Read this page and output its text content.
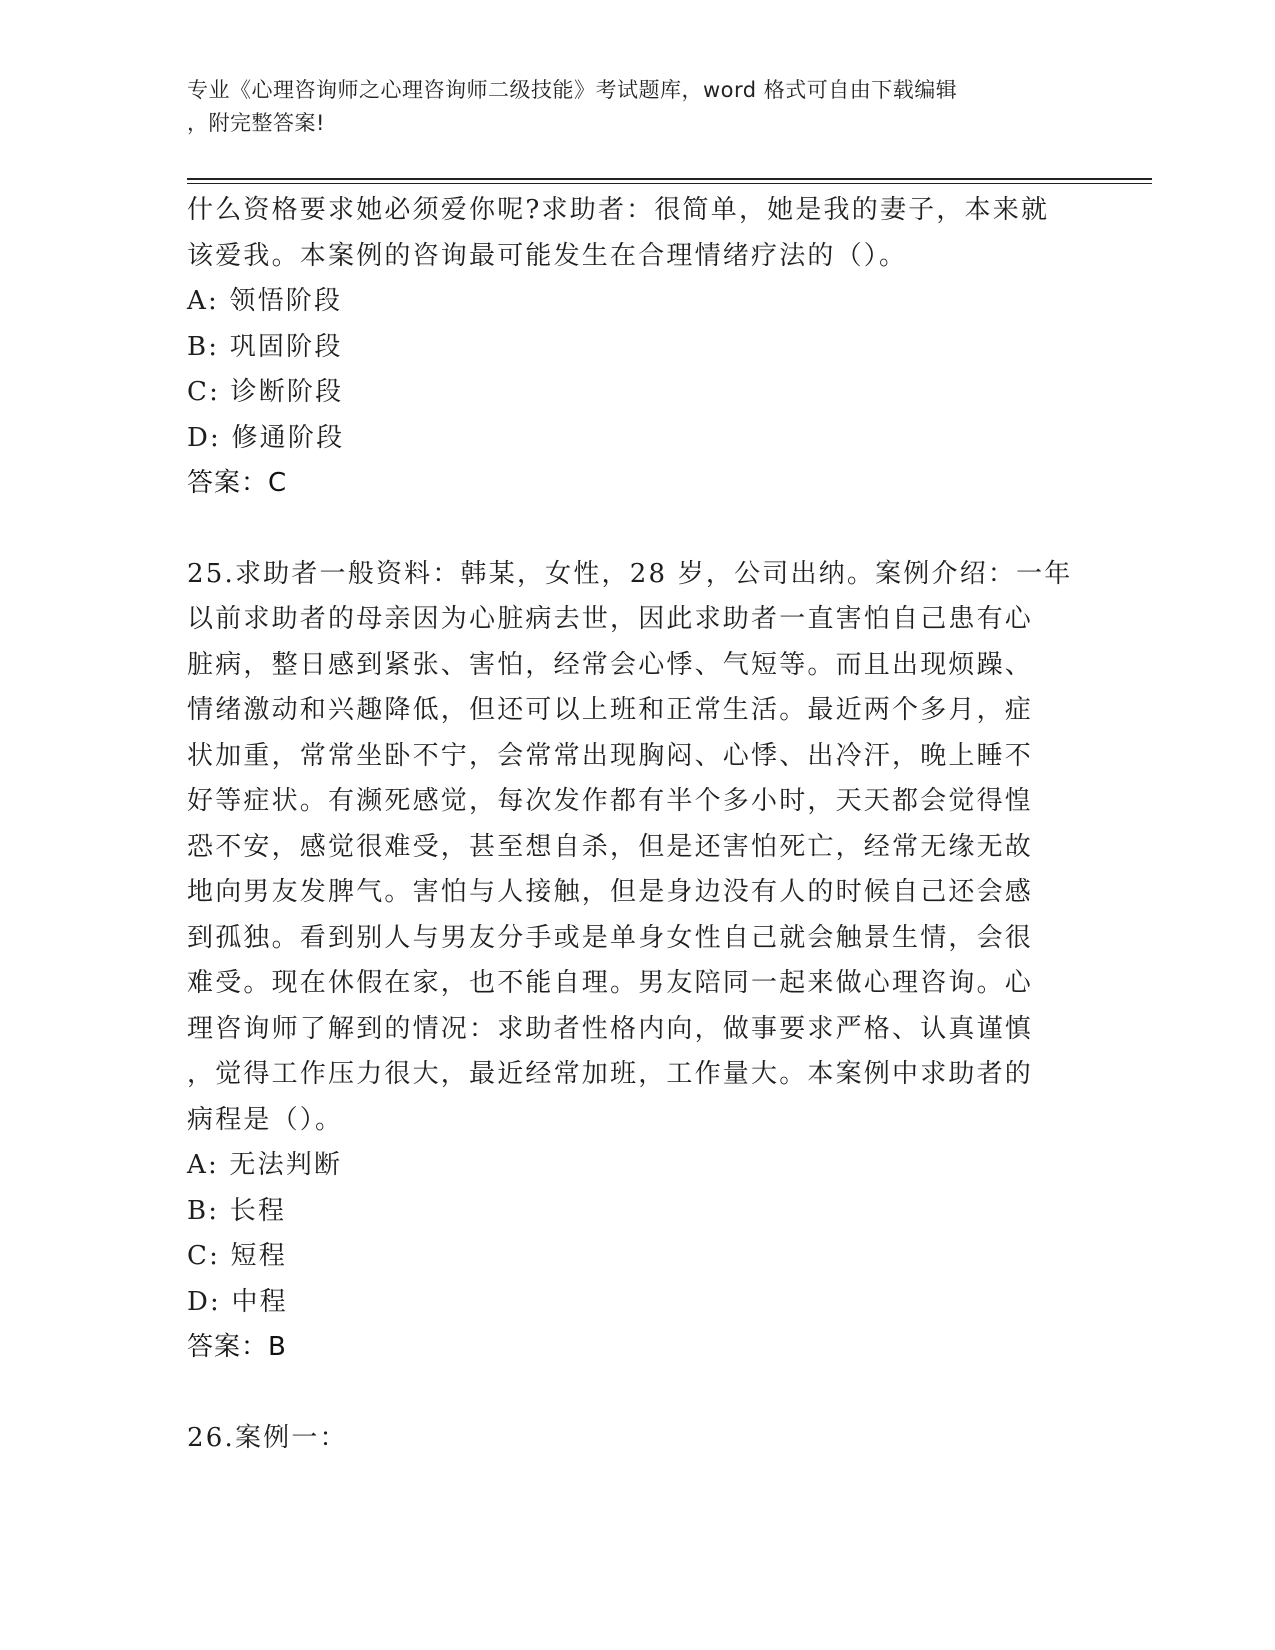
专业《心理咨询师之心理咨询师二级技能》考试题库，word 格式可自由下载编辑
，附完整答案!

什么资格要求她必须爱你呢?求助者：很简单，她是我的妻子，本来就

该爱我。本案例的咨询最可能发生在合理情绪疗法的（）。

A: 领悟阶段

B: 巩固阶段

C: 诊断阶段

D: 修通阶段

答案：C

25.求助者一般资料：韩某，女性，28 岁，公司出纳。案例介绍：一年

以前求助者的母亲因为心脏病去世，因此求助者一直害怕自己患有心

脏病，整日感到紧张、害怕，经常会心悸、气短等。而且出现烦躁、

情绪激动和兴趣降低，但还可以上班和正常生活。最近两个多月，症

状加重，常常坐卧不宁，会常常出现胸闷、心悸、出冷汗，晚上睡不

好等症状。有濒死感觉，每次发作都有半个多小时，天天都会觉得惶

恐不安，感觉很难受，甚至想自杀，但是还害怕死亡，经常无缘无故

地向男友发脾气。害怕与人接触，但是身边没有人的时候自己还会感

到孤独。看到别人与男友分手或是单身女性自己就会触景生情，会很

难受。现在休假在家，也不能自理。男友陪同一起来做心理咨询。心

理咨询师了解到的情况：求助者性格内向，做事要求严格、认真谨慎

，觉得工作压力很大，最近经常加班，工作量大。本案例中求助者的

病程是（）。

A: 无法判断

B: 长程

C: 短程

D: 中程

答案：B

26.案例一：
